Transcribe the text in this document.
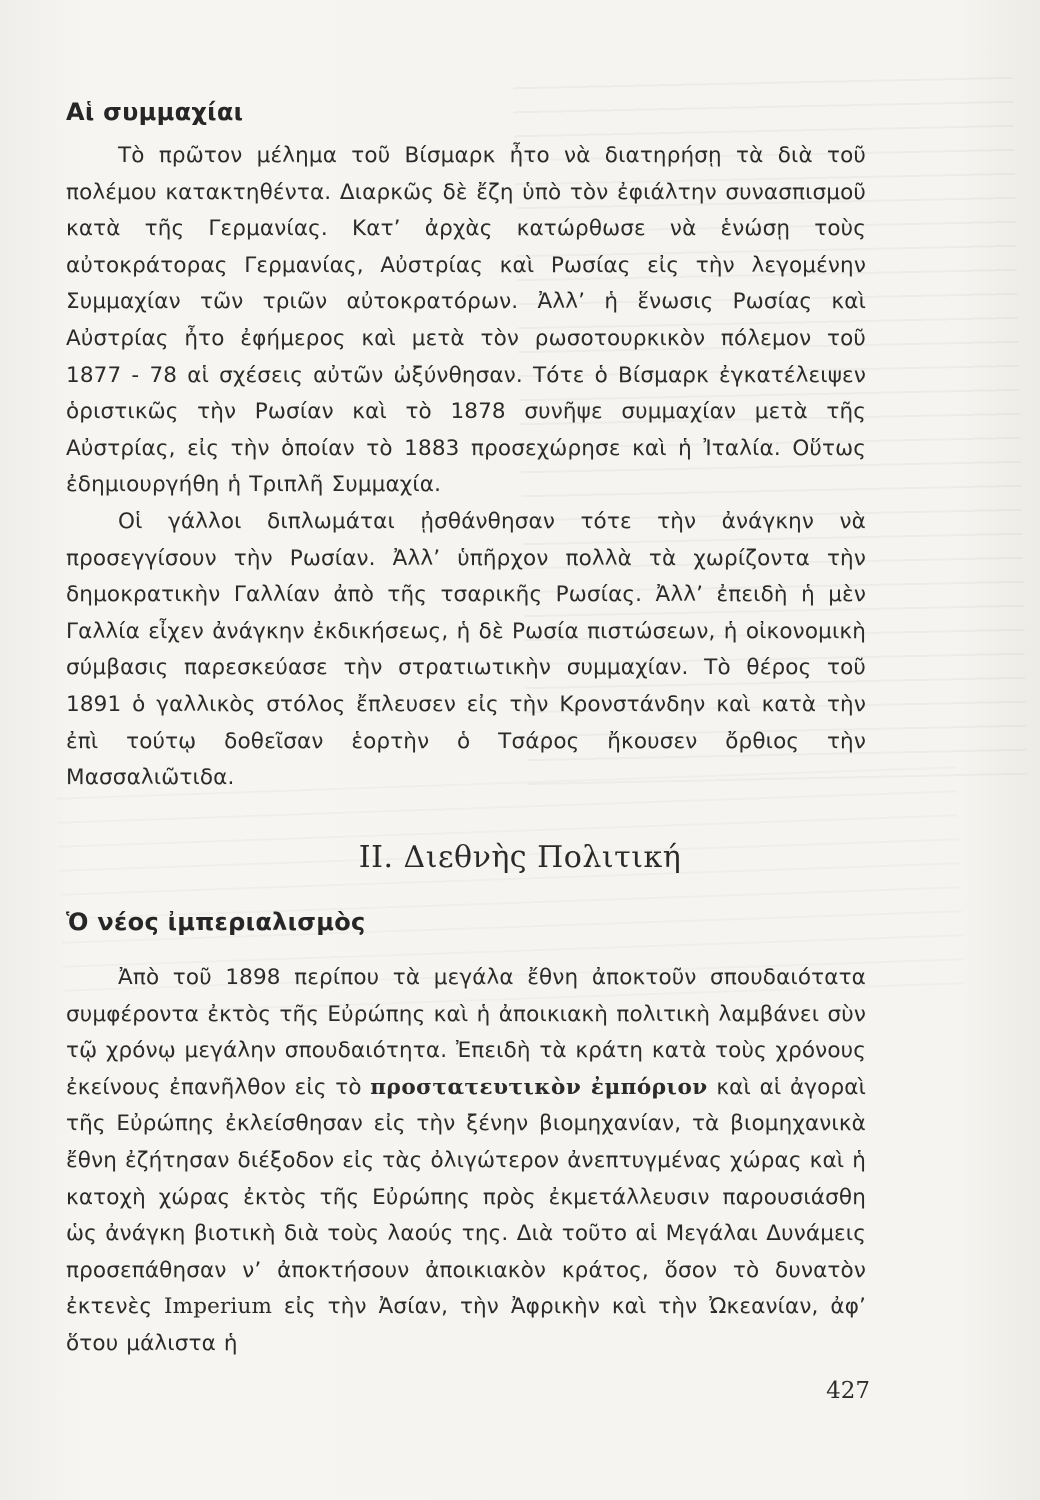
Αἱ συμμαχίαι

Τὸ πρῶτον μέλημα τοῦ Βίσμαρκ ἦτο νὰ διατηρήσῃ τὰ διὰ τοῦ πολέμου κατακτηθέντα. Διαρκῶς δὲ ἔζη ὑπὸ τὸν ἐφιάλτην συνασπισμοῦ κατὰ τῆς Γερμανίας. Κατ’ ἀρχὰς κατώρθωσε νὰ ἑνώσῃ τοὺς αὐτοκράτορας Γερμανίας, Αὐστρίας καὶ Ρωσίας εἰς τὴν λεγομένην Συμμαχίαν τῶν τριῶν αὐτοκρατόρων. Ἀλλ’ ἡ ἕνωσις Ρωσίας καὶ Αὐστρίας ἦτο ἐφήμερος καὶ μετὰ τὸν ρωσοτουρκικὸν πόλεμον τοῦ 1877 - 78 αἱ σχέσεις αὐτῶν ὠξύνθησαν. Τότε ὁ Βίσμαρκ ἐγκατέλειψεν ὁριστικῶς τὴν Ρωσίαν καὶ τὸ 1878 συνῆψε συμμαχίαν μετὰ τῆς Αὐστρίας, εἰς τὴν ὁποίαν τὸ 1883 προσεχώρησε καὶ ἡ Ἰταλία. Οὕτως ἐδημιουργήθη ἡ Τριπλῆ Συμμαχία.

Οἱ γάλλοι διπλωμάται ᾐσθάνθησαν τότε τὴν ἀνάγκην νὰ προσεγγίσουν τὴν Ρωσίαν. Ἀλλ’ ὑπῆρχον πολλὰ τὰ χωρίζοντα τὴν δημοκρατικὴν Γαλλίαν ἀπὸ τῆς τσαρικῆς Ρωσίας. Ἀλλ’ ἐπειδὴ ἡ μὲν Γαλλία εἶχεν ἀνάγκην ἐκδικήσεως, ἡ δὲ Ρωσία πιστώσεων, ἡ οἰκονομικὴ σύμβασις παρεσκεύασε τὴν στρατιωτικὴν συμμαχίαν. Τὸ θέρος τοῦ 1891 ὁ γαλλικὸς στόλος ἔπλευσεν εἰς τὴν Κρονστάνδην καὶ κατὰ τὴν ἐπὶ τούτῳ δοθεῖσαν ἑορτὴν ὁ Τσάρος ἤκουσεν ὄρθιος τὴν Μασσαλιῶτιδα.

II. Διεθνὴς Πολιτική
Ὁ νέος ἰμπεριαλισμὸς

Ἀπὸ τοῦ 1898 περίπου τὰ μεγάλα ἔθνη ἀποκτοῦν σπουδαιότατα συμφέροντα ἐκτὸς τῆς Εὐρώπης καὶ ἡ ἀποικιακὴ πολιτικὴ λαμβάνει σὺν τῷ χρόνῳ μεγάλην σπουδαιότητα. Ἐπειδὴ τὰ κράτη κατὰ τοὺς χρόνους ἐκείνους ἐπανῆλθον εἰς τὸ προστατευτικὸν ἐμπόριον καὶ αἱ ἀγοραὶ τῆς Εὐρώπης ἐκλείσθησαν εἰς τὴν ξένην βιομηχανίαν, τὰ βιομηχανικὰ ἔθνη ἐζήτησαν διέξοδον εἰς τὰς ὀλιγώτερον ἀνεπτυγμένας χώρας καὶ ἡ κατοχὴ χώρας ἐκτὸς τῆς Εὐρώπης πρὸς ἐκμετάλλευσιν παρουσιάσθη ὡς ἀνάγκη βιοτικὴ διὰ τοὺς λαούς της. Διὰ τοῦτο αἱ Μεγάλαι Δυνάμεις προσεπάθησαν ν’ ἀποκτήσουν ἀποικιακὸν κράτος, ὅσον τὸ δυνατὸν ἐκτενὲς Imperium εἰς τὴν Ἀσίαν, τὴν Ἀφρικὴν καὶ τὴν Ὠκεανίαν, ἀφ’ ὅτου μάλιστα ἡ

427
